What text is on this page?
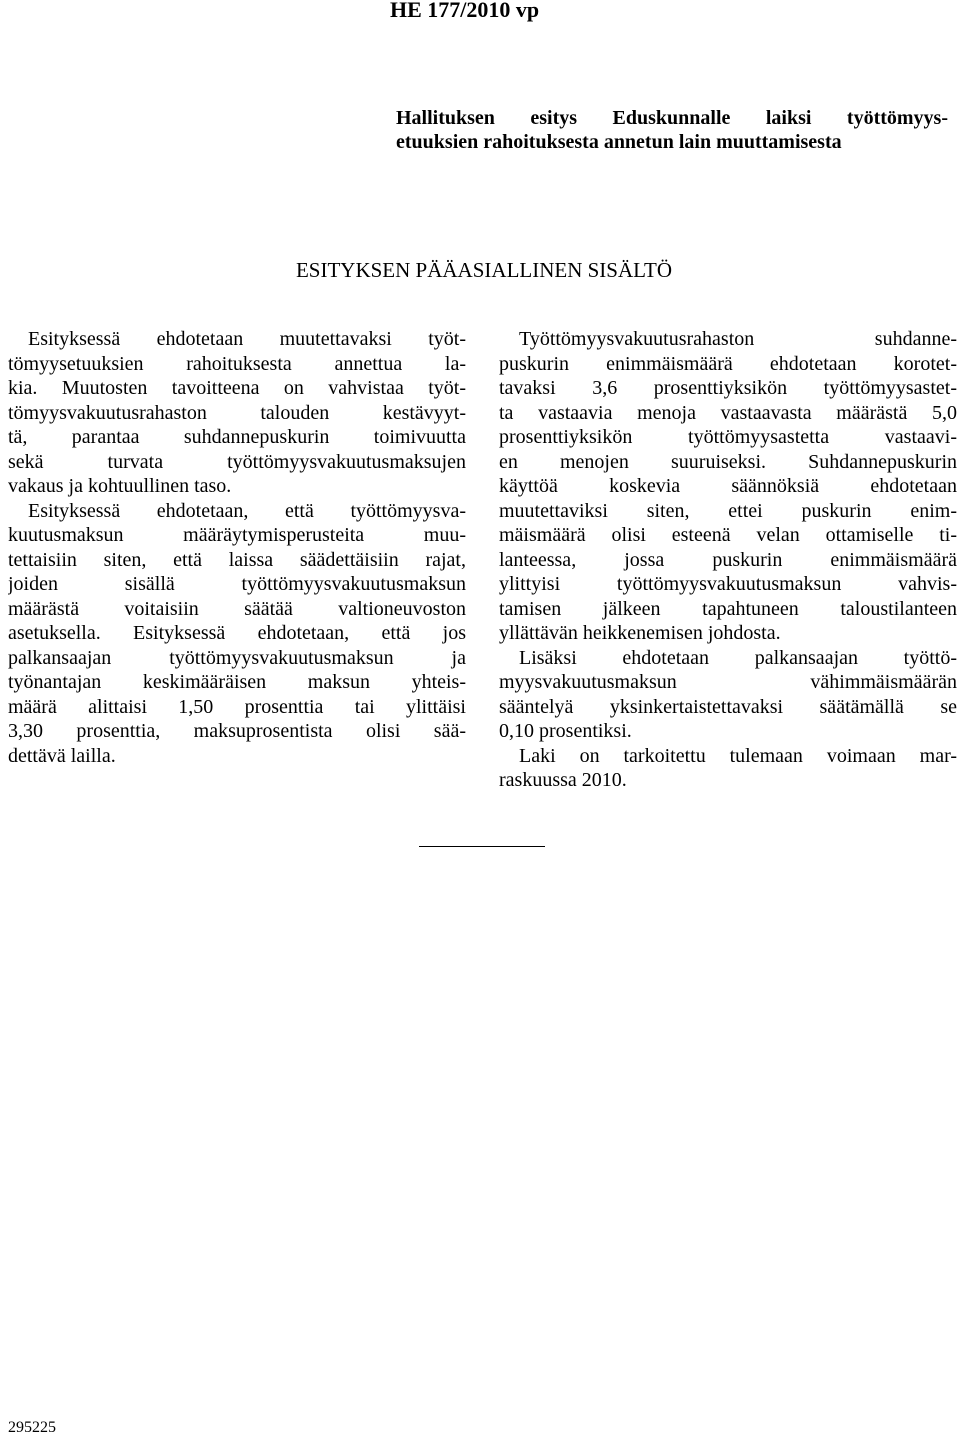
HE 177/2010 vp
Hallituksen esitys Eduskunnalle laiksi työttömyys-
etuuksien rahoituksesta annetun lain muuttamisesta
ESITYKSEN PÄÄASIALLINEN SISÄLTÖ
Esityksessä ehdotetaan muutettavaksi työt-
tömyysetuuksien rahoituksesta annettua la-
kia. Muutosten tavoitteena on vahvistaa työt-
tömyysvakuutusrahaston talouden kestävyyt-
tä, parantaa suhdannepuskurin toimivuutta
sekä turvata työttömyysvakuutusmaksujen
vakaus ja kohtuullinen taso.
Esityksessä ehdotetaan, että työttömyysva-
kuutusmaksun määräytymisperusteita muu-
tettaisiin siten, että laissa säädettäisiin rajat,
joiden sisällä työttömyysvakuutusmaksun
määrästä voitaisiin säätää valtioneuvoston
asetuksella. Esityksessä ehdotetaan, että jos
palkansaajan työttömyysvakuutusmaksun ja
työnantajan keskimääräisen maksun yhteis-
määrä alittaisi 1,50 prosenttia tai ylittäisi
3,30 prosenttia, maksuprosentista olisi sää-
dettävä lailla.
Työttömyysvakuutusrahaston suhdanne-
puskurin enimmäismäärä ehdotetaan korotet-
tavaksi 3,6 prosenttiyksikön työttömyysastet-
ta vastaavia menoja vastaavasta määrästä 5,0
prosenttiyksikön työttömyysastetta vastaavi-
en menojen suuruiseksi. Suhdannepuskurin
käyttöä koskevia säännöksiä ehdotetaan
muutettaviksi siten, ettei puskurin enim-
mäismäärä olisi esteenä velan ottamiselle ti-
lanteessa, jossa puskurin enimmäismäärä
ylittyisi työttömyysvakuutusmaksun vahvis-
tamisen jälkeen tapahtuneen taloustilanteen
yllättävän heikkenemisen johdosta.
Lisäksi ehdotetaan palkansaajan työttö-
myysvakuutusmaksun vähimmäismäärän
sääntelyä yksinkertaistettavaksi säätämällä se
0,10 prosentiksi.
Laki on tarkoitettu tulemaan voimaan mar-
raskuussa 2010.
295225
